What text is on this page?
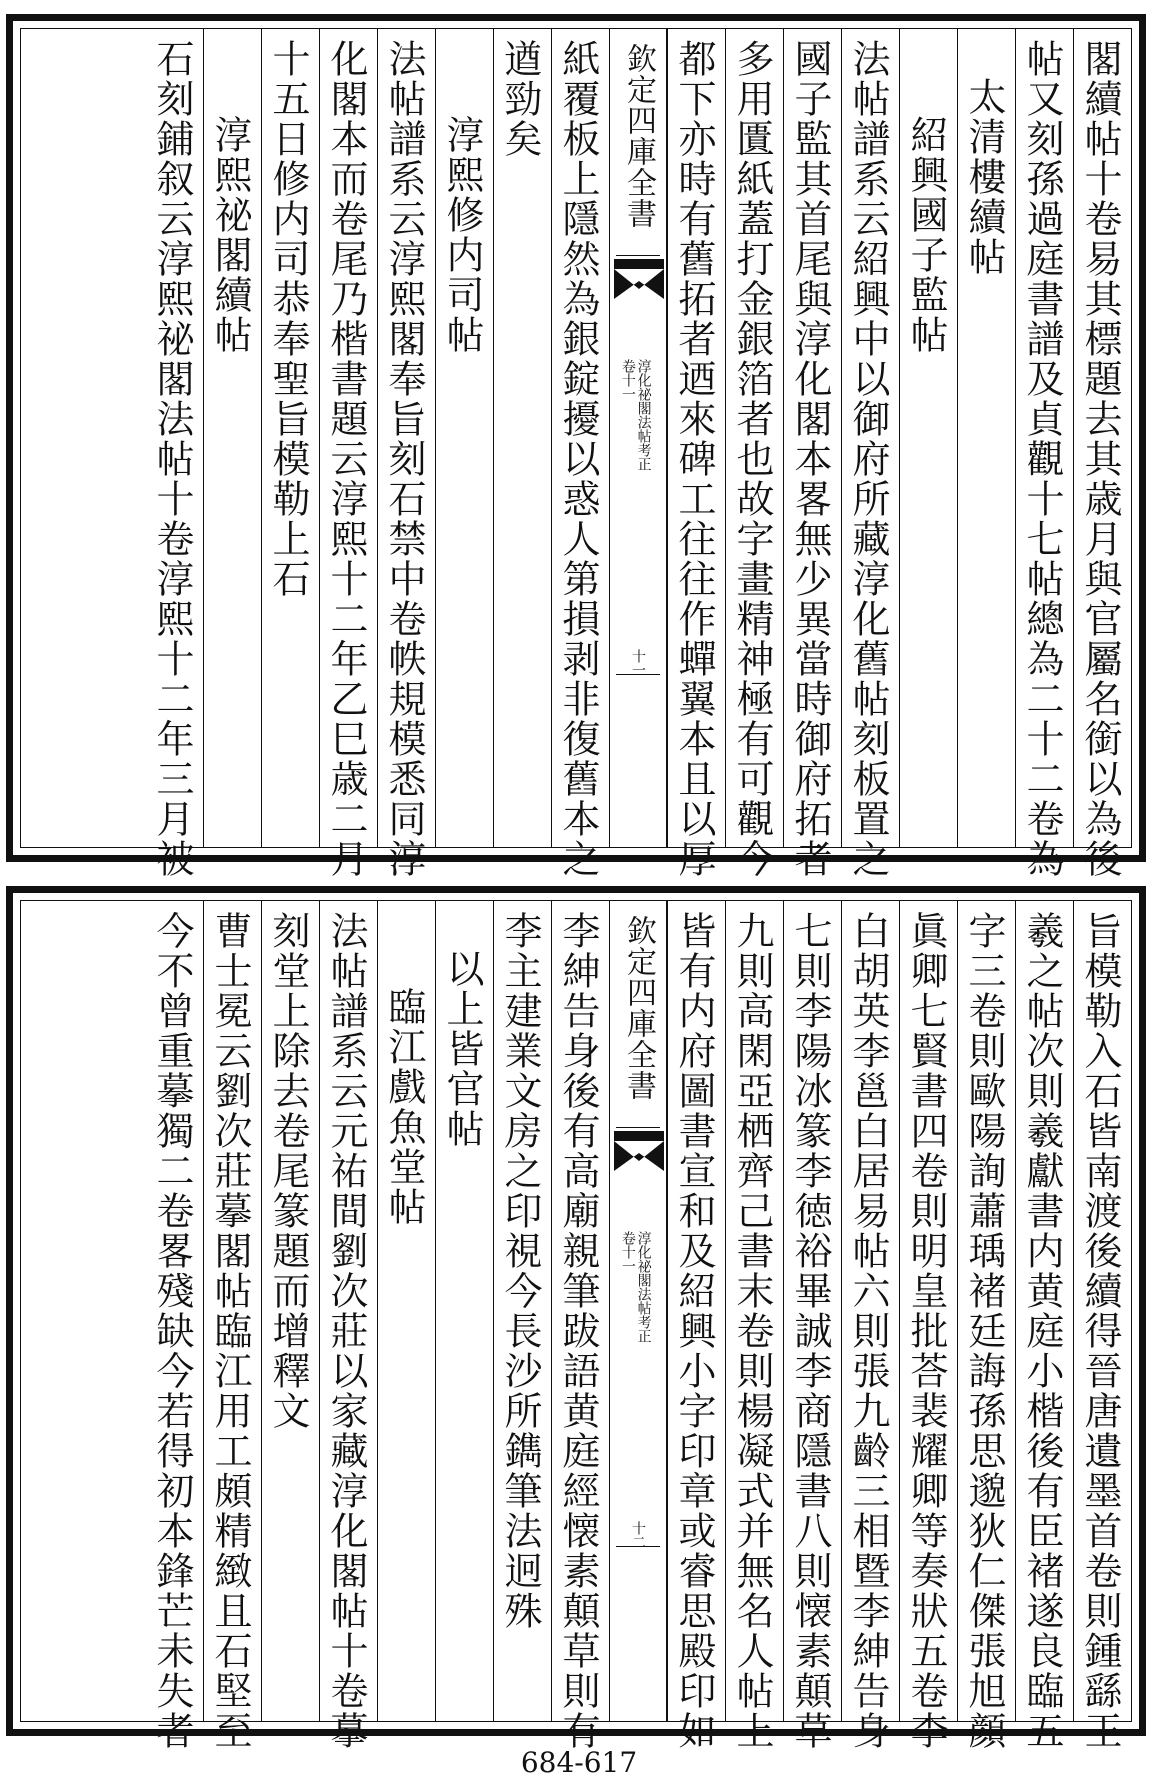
閣續帖十卷易其標題去其歳月與官屬名銜以為後
帖又刻孫過庭書譜及貞觀十七帖總為二十二卷為
太清樓續帖
紹興國子監帖
法帖譜系云紹興中以御府所藏淳化舊帖刻板置之
國子監其首尾與淳化閣本畧無少異當時御府拓者
多用匱紙蓋打金銀箔者也故字畫精神極有可觀今
都下亦時有舊拓者迺來碑工往往作蟬翼本且以厚
欽定四庫全書
淳化祕閣法帖考正
卷十一
十一
紙覆板上隱然為銀錠擾以惑人第損剥非復舊本之
遒勁矣
淳熙修内司帖
法帖譜系云淳熙閣奉旨刻石禁中卷帙規模悉同淳
化閣本而卷尾乃楷書題云淳熙十二年乙巳歳二月
十五日修内司恭奉聖旨模勒上石
淳熙祕閣續帖
石刻鋪叙云淳熙祕閣法帖十卷淳熙十二年三月被
旨模勒入石皆南渡後續得晉唐遺墨首卷則鍾繇王
羲之帖次則羲獻書内黄庭小楷後有臣褚遂良臨五
字三卷則歐陽詢蕭瑀褚廷誨孫思邈狄仁傑張旭顔
眞卿七賢書四卷則明皇批荅裴耀卿等奏狀五卷李
白胡英李邕白居易帖六則張九齡三相暨李紳告身
七則李陽冰篆李徳裕畢誠李商隱書八則懐素顛草
九則高閑亞栖齊己書末卷則楊凝式并無名人帖上
皆有内府圖書宣和及紹興小字印章或睿思殿印如
欽定四庫全書
淳化祕閣法帖考正
卷十一
十二
李紳告身後有高廟親筆跋語黄庭經懐素顛草則有
李主建業文房之印視今長沙所鐫筆法迥殊
以上皆官帖
臨江戲魚堂帖
法帖譜系云元祐間劉次莊以家藏淳化閣帖十卷摹
刻堂上除去卷尾篆題而增釋文
曹士冕云劉次莊摹閣帖臨江用工頗精緻且石堅至
今不曾重摹獨二卷畧殘缺今若得初本鋒芒未失者
684-617
